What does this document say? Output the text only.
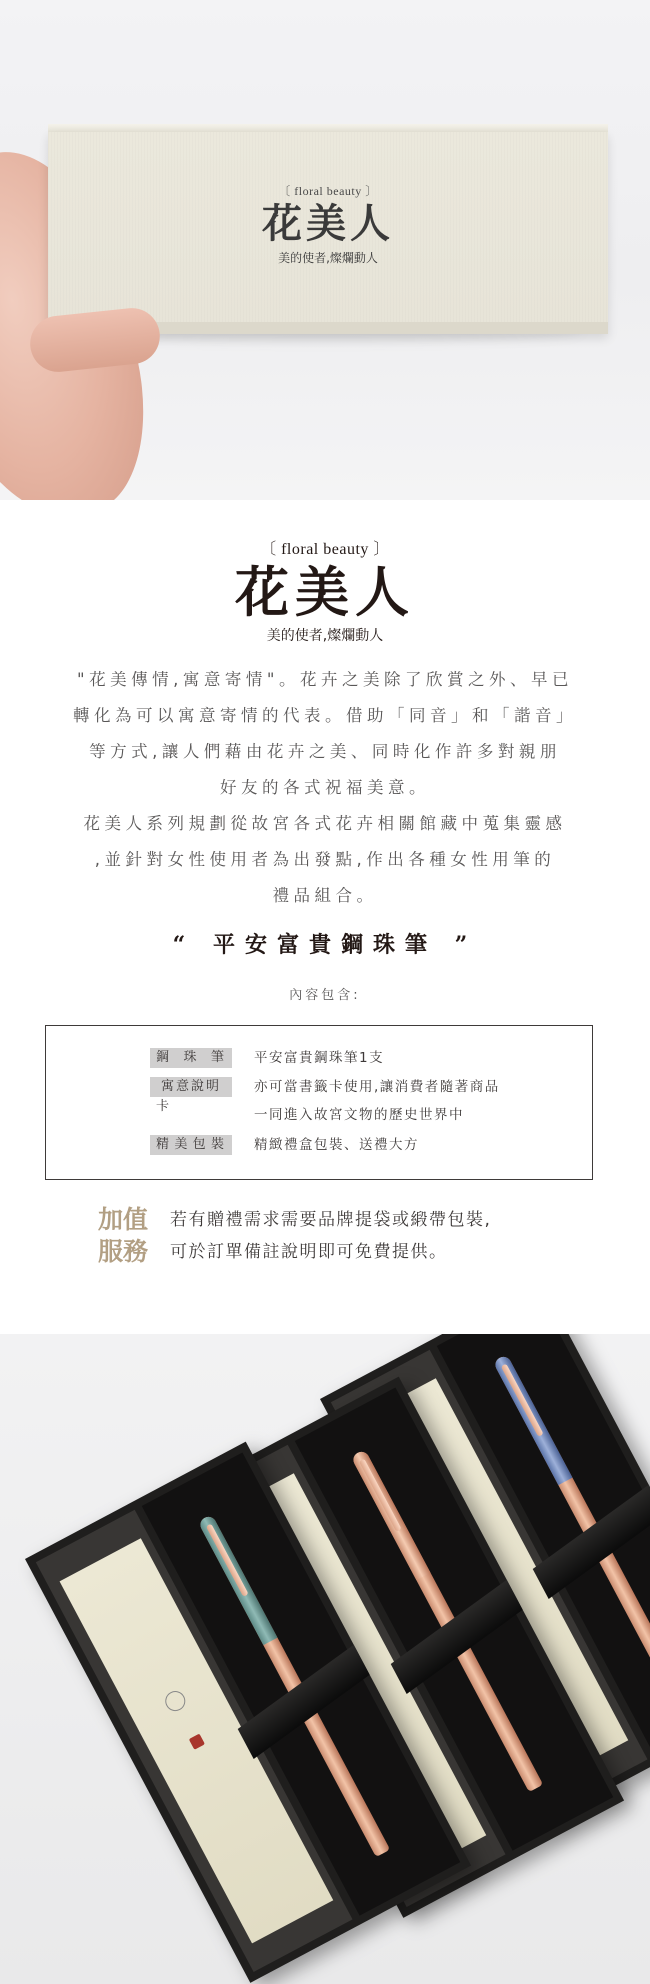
〔 floral beauty 〕
花美人
美的使者,燦爛動人
〔 floral beauty 〕
花美人
美的使者,燦爛動人

"花美傳情,寓意寄情"。花卉之美除了欣賞之外、早已

轉化為可以寓意寄情的代表。借助「同音」和「諧音」

等方式,讓人們藉由花卉之美、同時化作許多對親朋

好友的各式祝福美意。

花美人系列規劃從故宮各式花卉相關館藏中蒐集靈感

,並針對女性使用者為出發點,作出各種女性用筆的

禮品組合。

“ 平安富貴鋼珠筆 ”
內容包含:
鋼珠筆	平安富貴鋼珠筆1支
寓意說明卡
亦可當書籤卡使用,讓消費者隨著商品
一同進入故宮文物的歷史世界中
精美包裝	精緻禮盒包裝、送禮大方
加值
服務
若有贈禮需求需要品牌提袋或緞帶包裝,
可於訂單備註說明即可免費提供。
